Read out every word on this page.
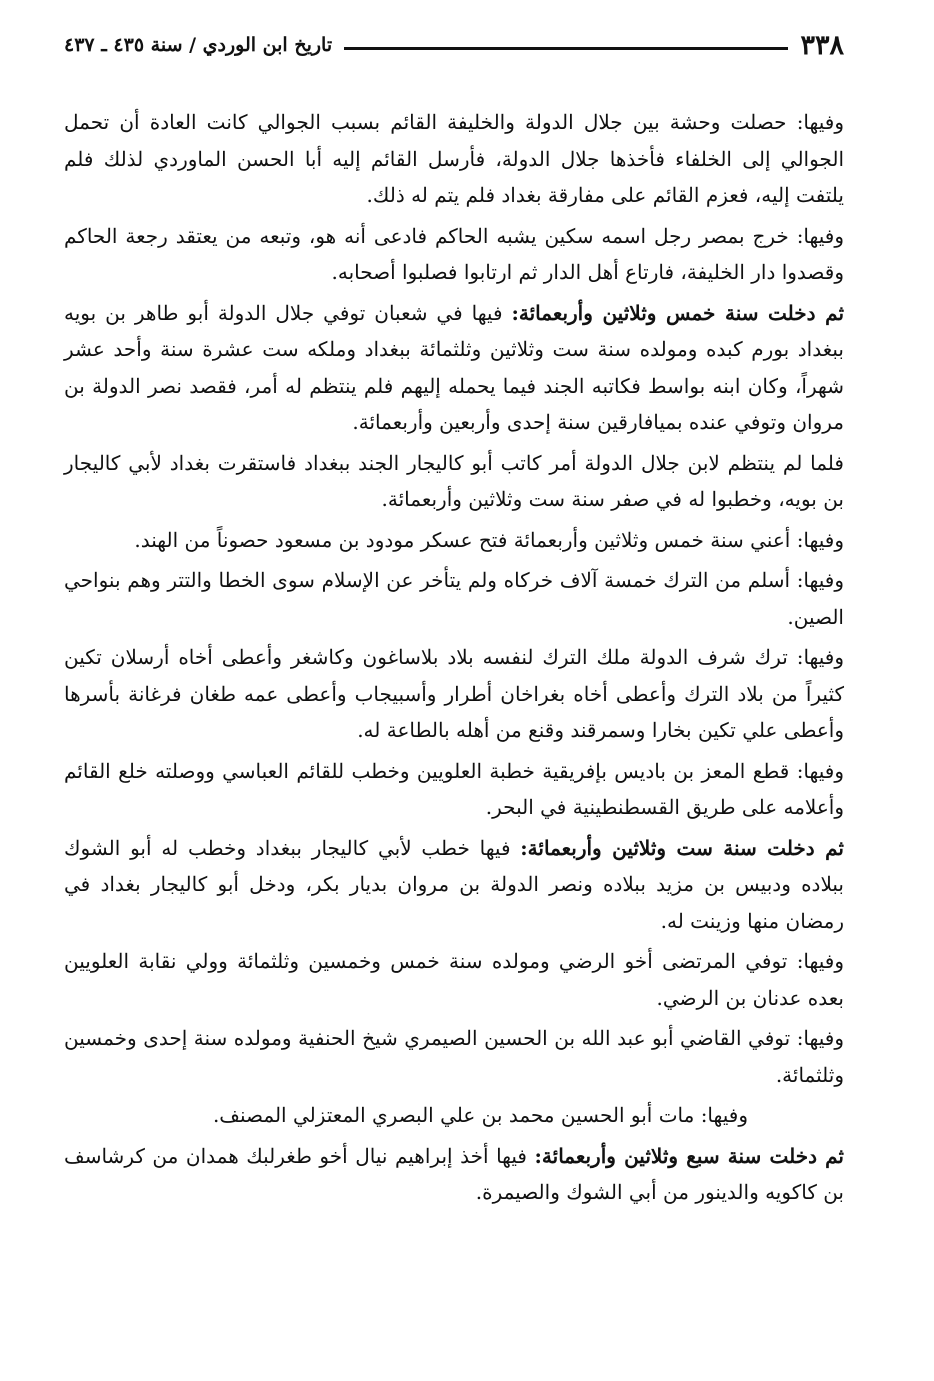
٣٣٨
تاريخ ابن الوردي / سنة ٤٣٥ ـ ٤٣٧

وفيها: حصلت وحشة بين جلال الدولة والخليفة القائم بسبب الجوالي كانت العادة أن تحمل الجوالي إلى الخلفاء فأخذها جلال الدولة، فأرسل القائم إليه أبا الحسن الماوردي لذلك فلم يلتفت إليه، فعزم القائم على مفارقة بغداد فلم يتم له ذلك.

وفيها: خرج بمصر رجل اسمه سكين يشبه الحاكم فادعى أنه هو، وتبعه من يعتقد رجعة الحاكم وقصدوا دار الخليفة، فارتاع أهل الدار ثم ارتابوا فصلبوا أصحابه.

ثم دخلت سنة خمس وثلاثين وأربعمائة: فيها في شعبان توفي جلال الدولة أبو طاهر بن بويه ببغداد بورم كبده ومولده سنة ست وثلاثين وثلثمائة ببغداد وملكه ست عشرة سنة وأحد عشر شهراً، وكان ابنه بواسط فكاتبه الجند فيما يحمله إليهم فلم ينتظم له أمر، فقصد نصر الدولة بن مروان وتوفي عنده بميافارقين سنة إحدى وأربعين وأربعمائة.

فلما لم ينتظم لابن جلال الدولة أمر كاتب أبو كاليجار الجند ببغداد فاستقرت بغداد لأبي كاليجار بن بويه، وخطبوا له في صفر سنة ست وثلاثين وأربعمائة.

وفيها: أعني سنة خمس وثلاثين وأربعمائة فتح عسكر مودود بن مسعود حصوناً من الهند.

وفيها: أسلم من الترك خمسة آلاف خركاه ولم يتأخر عن الإسلام سوى الخطا والتتر وهم بنواحي الصين.

وفيها: ترك شرف الدولة ملك الترك لنفسه بلاد بلاساغون وكاشغر وأعطى أخاه أرسلان تكين كثيراً من بلاد الترك وأعطى أخاه بغراخان أطرار وأسبيجاب وأعطى عمه طغان فرغانة بأسرها وأعطى علي تكين بخارا وسمرقند وقنع من أهله بالطاعة له.

وفيها: قطع المعز بن باديس بإفريقية خطبة العلويين وخطب للقائم العباسي ووصلته خلع القائم وأعلامه على طريق القسطنطينية في البحر.

ثم دخلت سنة ست وثلاثين وأربعمائة: فيها خطب لأبي كاليجار ببغداد وخطب له أبو الشوك ببلاده ودبيس بن مزيد ببلاده ونصر الدولة بن مروان بديار بكر، ودخل أبو كاليجار بغداد في رمضان منها وزينت له.

وفيها: توفي المرتضى أخو الرضي ومولده سنة خمس وخمسين وثلثمائة وولي نقابة العلويين بعده عدنان بن الرضي.

وفيها: توفي القاضي أبو عبد الله بن الحسين الصيمري شيخ الحنفية ومولده سنة إحدى وخمسين وثلثمائة.

وفيها: مات أبو الحسين محمد بن علي البصري المعتزلي المصنف.

ثم دخلت سنة سبع وثلاثين وأربعمائة: فيها أخذ إبراهيم نيال أخو طغرلبك همدان من كرشاسف بن كاكويه والدينور من أبي الشوك والصيمرة.
